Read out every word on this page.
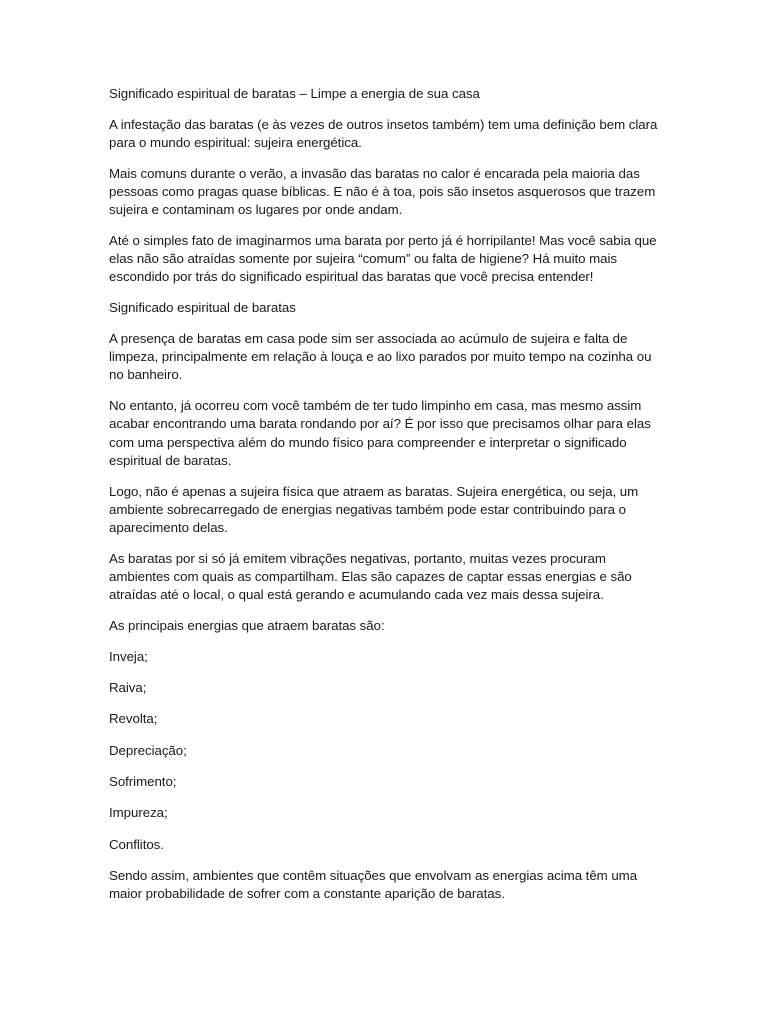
Significado espiritual de baratas – Limpe a energia de sua casa

A infestação das baratas (e às vezes de outros insetos também) tem uma definição bem clara para o mundo espiritual: sujeira energética.

Mais comuns durante o verão, a invasão das baratas no calor é encarada pela maioria das pessoas como pragas quase bíblicas. E não é à toa, pois são insetos asquerosos que trazem sujeira e contaminam os lugares por onde andam.

Até o simples fato de imaginarmos uma barata por perto já é horripilante! Mas você sabia que elas não são atraídas somente por sujeira “comum” ou falta de higiene? Há muito mais escondido por trás do significado espiritual das baratas que você precisa entender!

Significado espiritual de baratas

A presença de baratas em casa pode sim ser associada ao acúmulo de sujeira e falta de limpeza, principalmente em relação à louça e ao lixo parados por muito tempo na cozinha ou no banheiro.

No entanto, já ocorreu com você também de ter tudo limpinho em casa, mas mesmo assim acabar encontrando uma barata rondando por aí? É por isso que precisamos olhar para elas com uma perspectiva além do mundo físico para compreender e interpretar o significado espiritual de baratas.

Logo, não é apenas a sujeira física que atraem as baratas. Sujeira energética, ou seja, um ambiente sobrecarregado de energias negativas também pode estar contribuindo para o aparecimento delas.

As baratas por si só já emitem vibrações negativas, portanto, muitas vezes procuram ambientes com quais as compartilham. Elas são capazes de captar essas energias e são atraídas até o local, o qual está gerando e acumulando cada vez mais dessa sujeira.

As principais energias que atraem baratas são:

Inveja;

Raiva;

Revolta;

Depreciação;

Sofrimento;

Impureza;

Conflitos.

Sendo assim, ambientes que contêm situações que envolvam as energias acima têm uma maior probabilidade de sofrer com a constante aparição de baratas.
